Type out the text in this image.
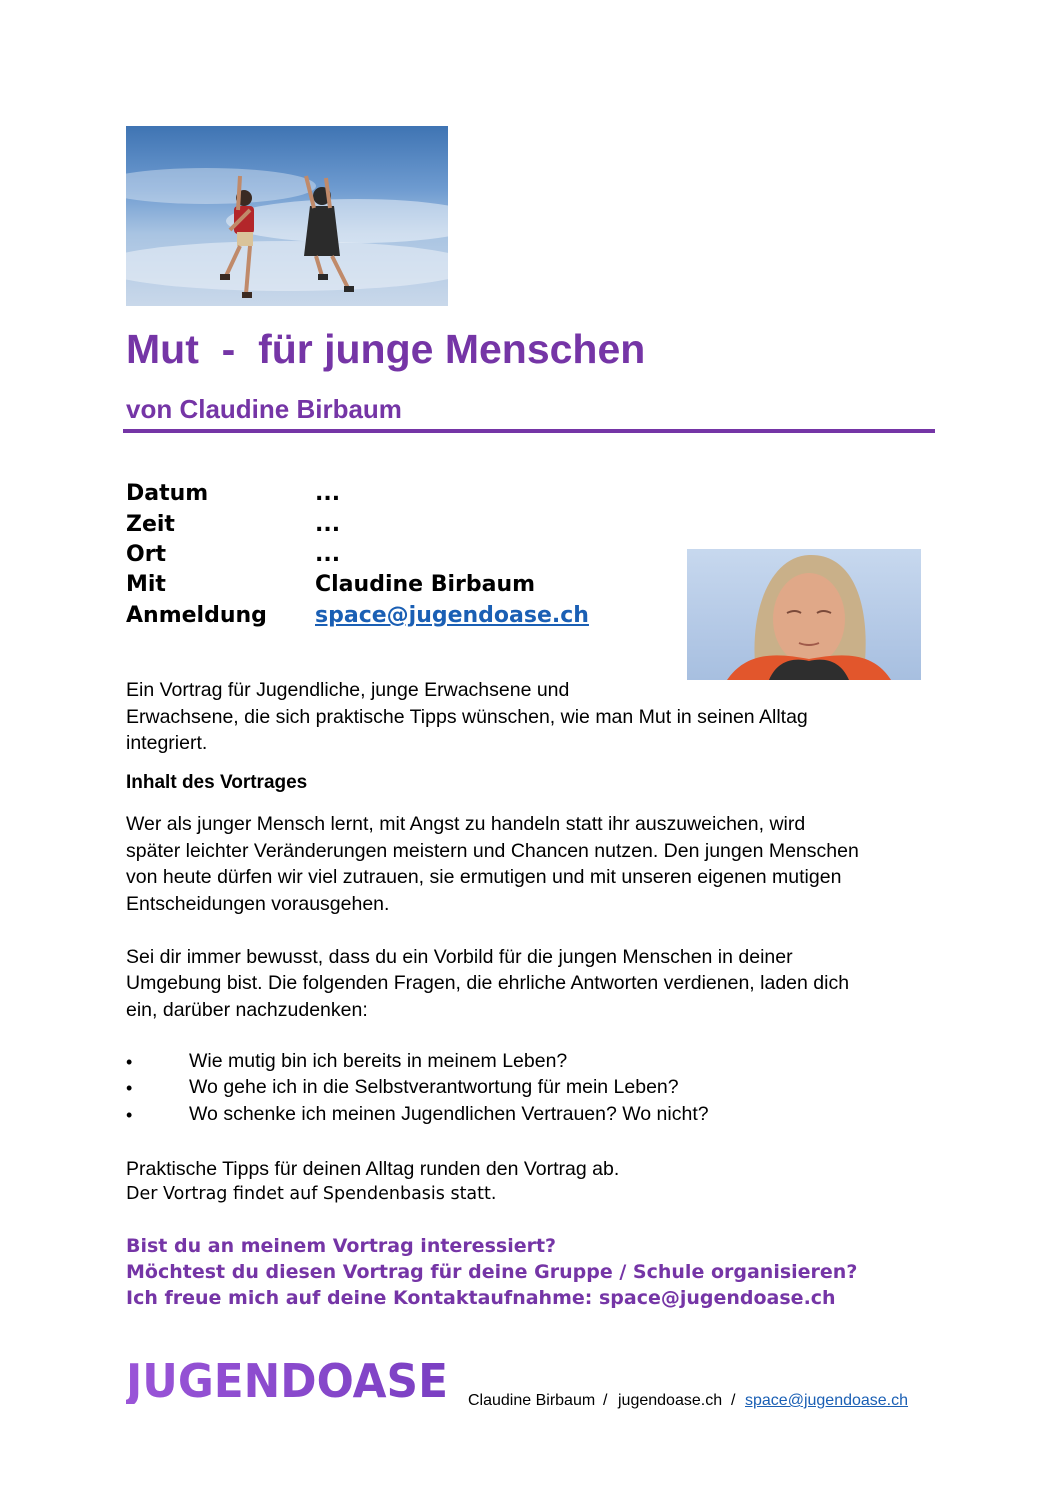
Mut  -  für junge Menschen
von Claudine Birbaum
Datum	...
Zeit	...
Ort	...
Mit	Claudine Birbaum
Anmeldung space@jugendoase.ch
Ein Vortrag für Jugendliche, junge Erwachsene und
Erwachsene, die sich praktische Tipps wünschen, wie man Mut in seinen Alltag
integriert.
Inhalt des Vortrages
Wer als junger Mensch lernt, mit Angst zu handeln statt ihr auszuweichen, wird
später leichter Veränderungen meistern und Chancen nutzen. Den jungen Menschen
von heute dürfen wir viel zutrauen, sie ermutigen und mit unseren eigenen mutigen
Entscheidungen vorausgehen.
Sei dir immer bewusst, dass du ein Vorbild für die jungen Menschen in deiner
Umgebung bist. Die folgenden Fragen, die ehrliche Antworten verdienen, laden dich
ein, darüber nachzudenken:
•	Wie mutig bin ich bereits in meinem Leben?
•	Wo gehe ich in die Selbstverantwortung für mein Leben?
•	Wo schenke ich meinen Jugendlichen Vertrauen? Wo nicht?
Praktische Tipps für deinen Alltag runden den Vortrag ab.
Der Vortrag findet auf Spendenbasis statt.
Bist du an meinem Vortrag interessiert?
Möchtest du diesen Vortrag für deine Gruppe / Schule organisieren?
Ich freue mich auf deine Kontaktaufnahme: space@jugendoase.ch
JUGENDOASE Claudine Birbaum / jugendoase.ch / space@jugendoase.ch
